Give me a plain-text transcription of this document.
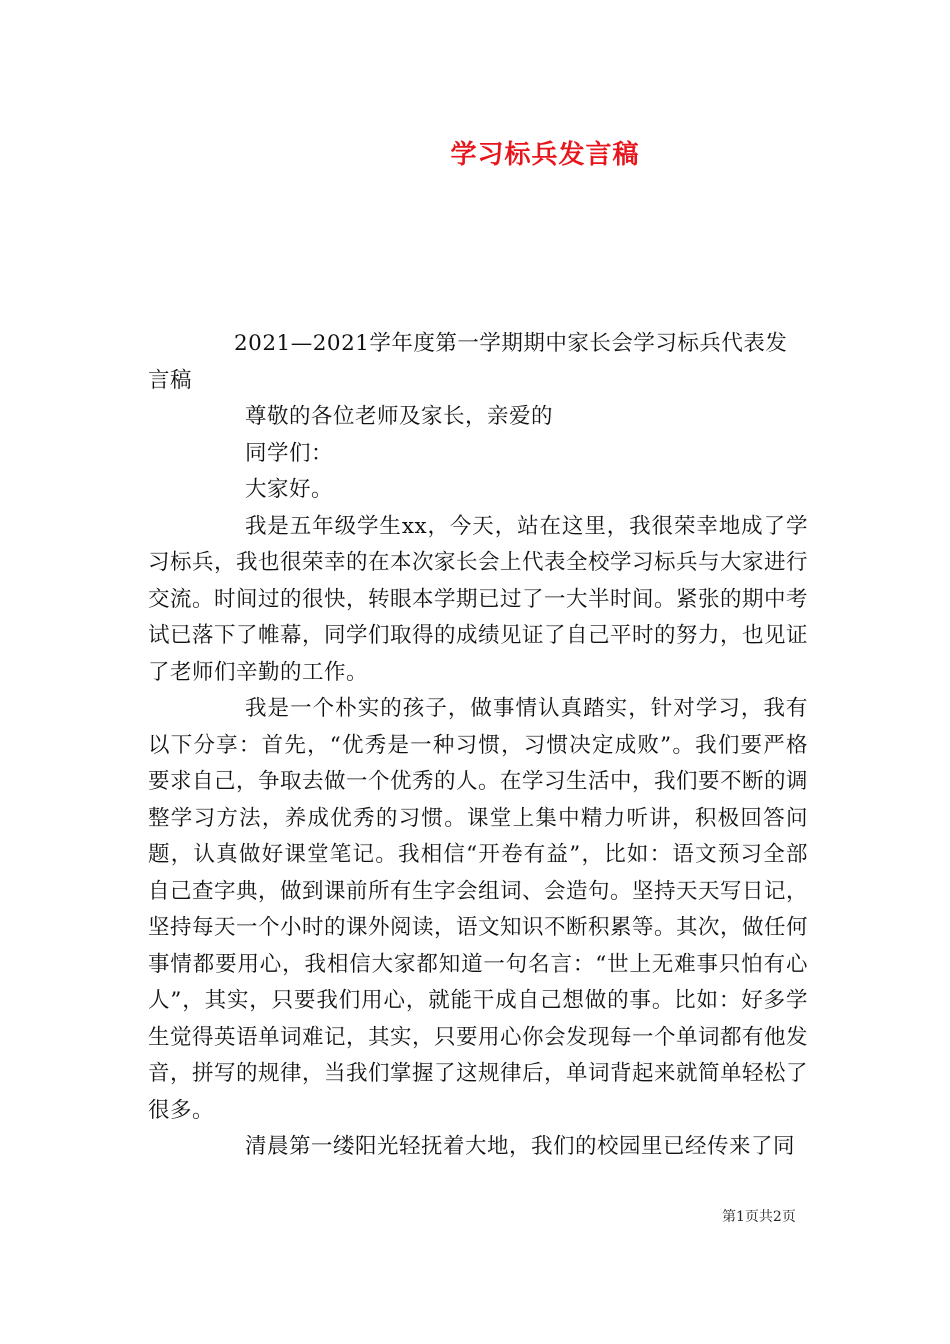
学习标兵发言稿

2021—2021学年度第一学期期中家长会学习标兵代表发言稿

尊敬的各位老师及家长，亲爱的

同学们：

大家好。

我是五年级学生xx，今天，站在这里，我很荣幸地成了学习标兵，我也很荣幸的在本次家长会上代表全校学习标兵与大家进行交流。时间过的很快，转眼本学期已过了一大半时间。紧张的期中考试已落下了帷幕，同学们取得的成绩见证了自己平时的努力，也见证了老师们辛勤的工作。

我是一个朴实的孩子，做事情认真踏实，针对学习，我有以下分享：首先，“优秀是一种习惯，习惯决定成败”。我们要严格要求自己，争取去做一个优秀的人。在学习生活中，我们要不断的调整学习方法，养成优秀的习惯。课堂上集中精力听讲，积极回答问题，认真做好课堂笔记。我相信“开卷有益”，比如：语文预习全部自己查字典，做到课前所有生字会组词、会造句。坚持天天写日记，坚持每天一个小时的课外阅读，语文知识不断积累等。其次，做任何事情都要用心，我相信大家都知道一句名言：“世上无难事只怕有心人”，其实，只要我们用心，就能干成自己想做的事。比如：好多学生觉得英语单词难记，其实，只要用心你会发现每一个单词都有他发音，拼写的规律，当我们掌握了这规律后，单词背起来就简单轻松了很多。

清晨第一缕阳光轻抚着大地，我们的校园里已经传来了同

第1页共2页
